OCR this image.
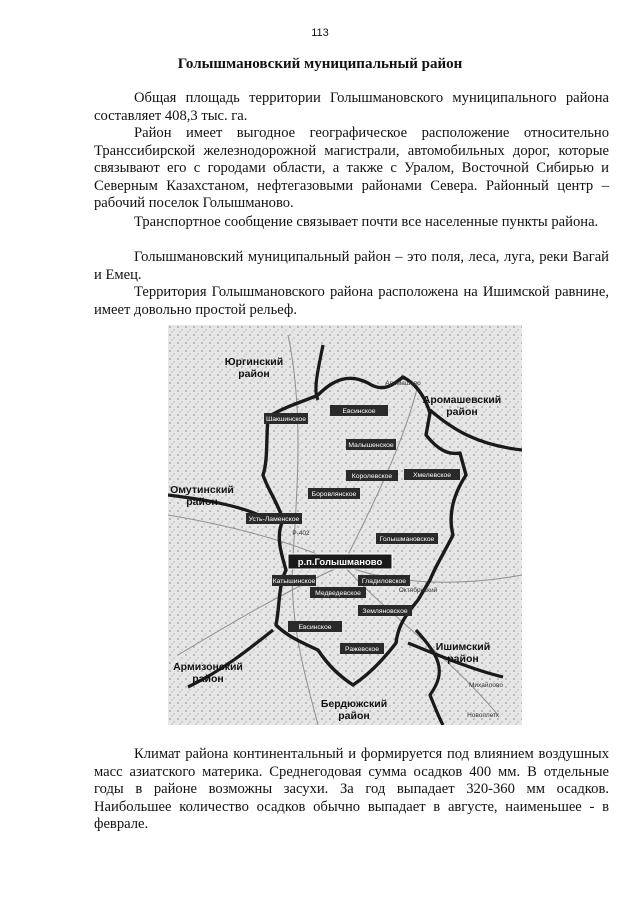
113
Голышмановский муниципальный район

Общая площадь территории Голышмановского муниципального района составляет 408,3 тыс. га.

Район имеет выгодное географическое расположение относительно Транссибирской железнодорожной магистрали, автомобильных дорог, которые связывают его с городами области, а также с Уралом, Восточной Сибирью и Северным Казахстаном, нефтегазовыми районами Севера. Районный центр – рабочий поселок Голышманово.

Транспортное сообщение связывает почти все населенные пункты района.

Голышмановский муниципальный район – это поля, леса, луга, реки Вагай и Емец.

Территория Голышмановского района расположена на Ишимской равнине, имеет довольно простой рельеф.

Юргинский район
Аромашевский район
Омутинский район
Ишимский район
Армизонский район
Бердюжский район
Аромашево
Октябрьский
Новоплетк
Михайлово
Р-402
Шакшинское
Евсинское
Малышенское
Хмелевское
Королевское
Боровлянское
Усть-Ламенское
Голышмановское
р.п.Голышманово
Катышинское	Гладиловское
Медведевское
Земляновское
Евсинское
Ражевское

Климат района континентальный и формируется под влиянием воздушных масс азиатского материка. Среднегодовая сумма осадков 400 мм. В отдельные годы в районе возможны засухи. За год выпадает 320-360 мм осадков. Наибольшее количество осадков обычно выпадает в августе, наименьшее - в феврале.
